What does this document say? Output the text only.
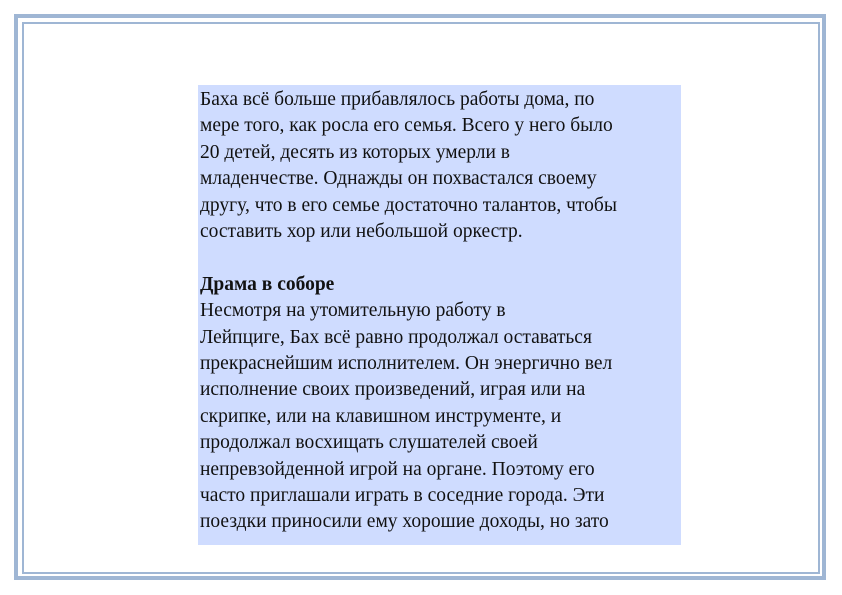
Баха всё больше прибавлялось работы дома, по

мере того, как росла его семья. Всего у него было

20 детей, десять из которых умерли в

младенчестве. Однажды он похвастался своему

другу, что в его семье достаточно талантов, чтобы

составить хор или небольшой оркестр.

Драма в соборе

Несмотря на утомительную работу в

Лейпциге, Бах всё равно продолжал оставаться

прекраснейшим исполнителем. Он энергично вел

исполнение своих произведений, играя или на

скрипке, или на клавишном инструменте, и

продолжал восхищать слушателей своей

непревзойденной игрой на органе. Поэтому его

часто приглашали играть в соседние города. Эти

поездки приносили ему хорошие доходы, но зато
